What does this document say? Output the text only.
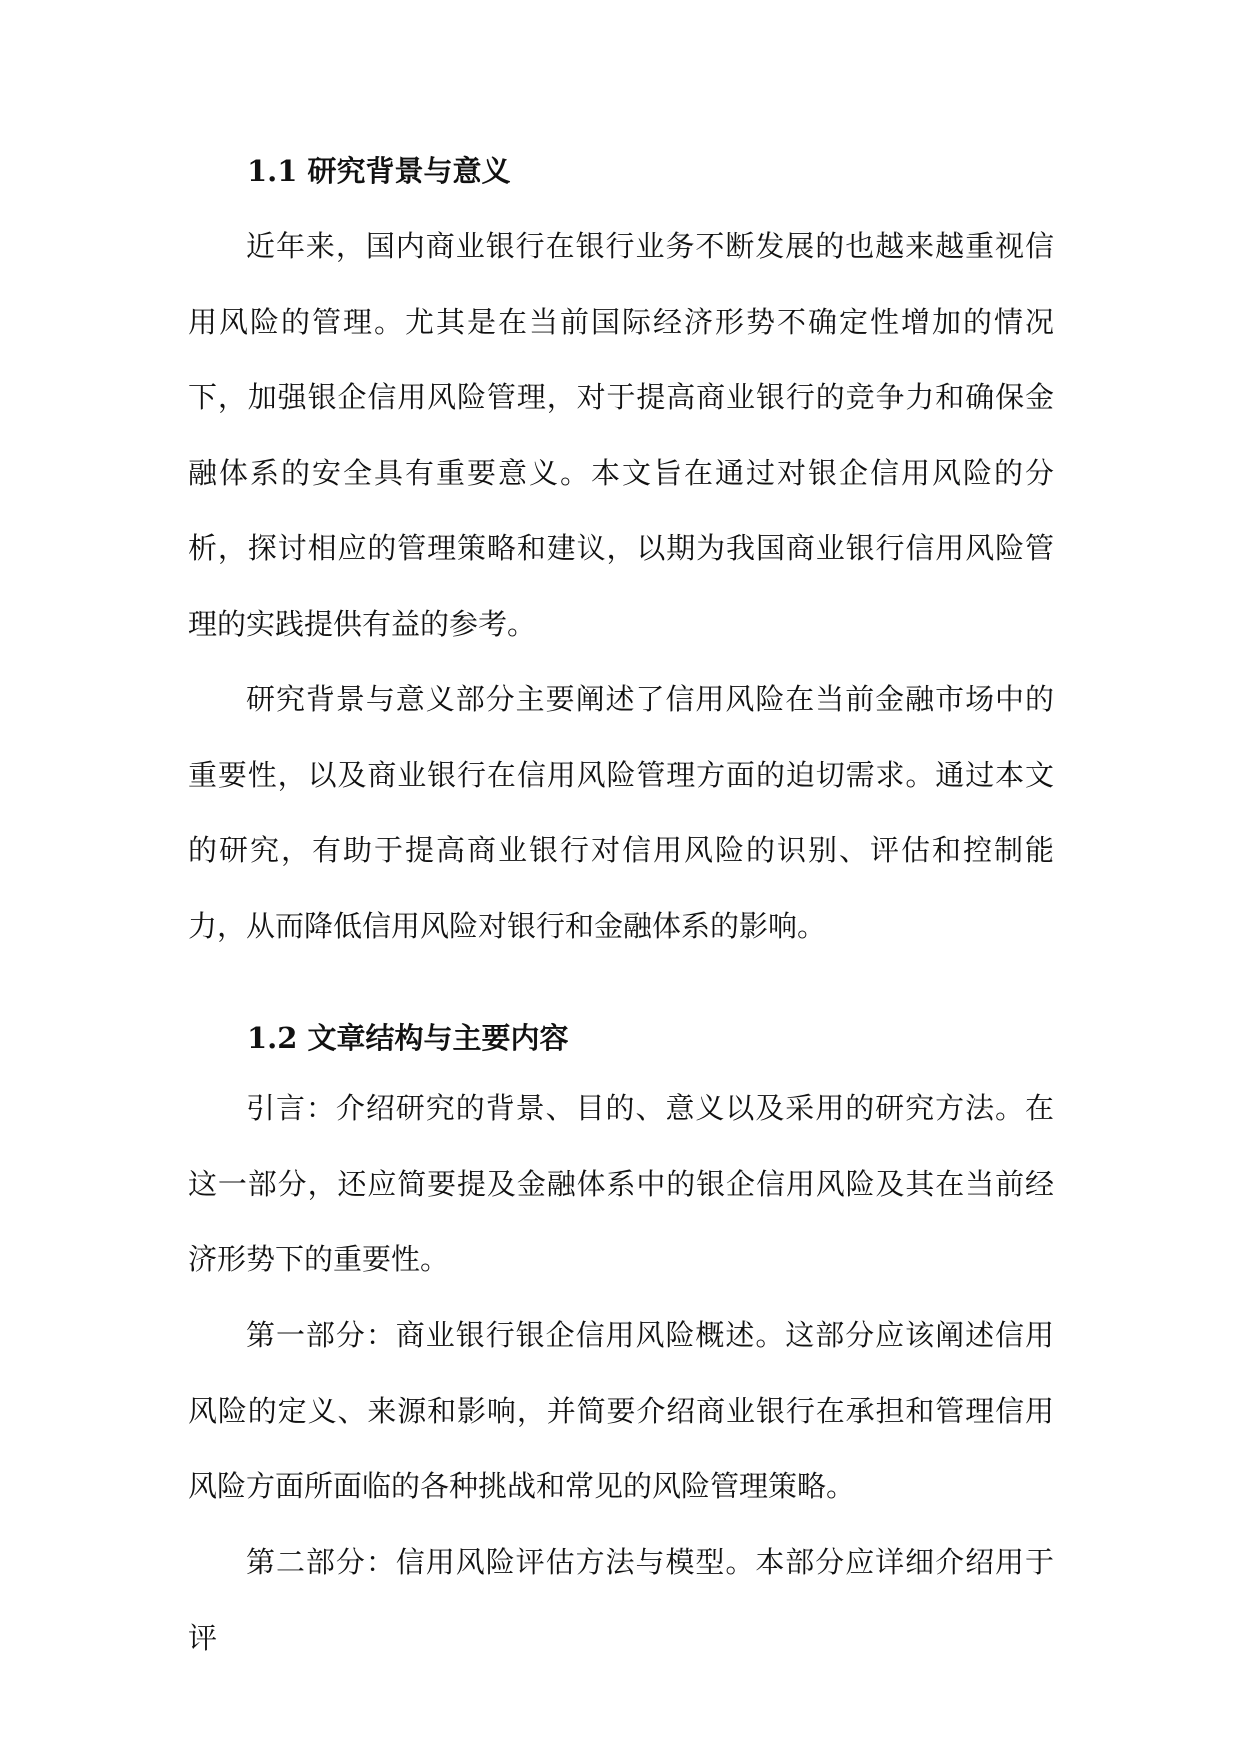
1.1 研究背景与意义

近年来，国内商业银行在银行业务不断发展的也越来越重视信用风险的管理。尤其是在当前国际经济形势不确定性增加的情况下，加强银企信用风险管理，对于提高商业银行的竞争力和确保金融体系的安全具有重要意义。本文旨在通过对银企信用风险的分析，探讨相应的管理策略和建议，以期为我国商业银行信用风险管理的实践提供有益的参考。

研究背景与意义部分主要阐述了信用风险在当前金融市场中的重要性，以及商业银行在信用风险管理方面的迫切需求。通过本文的研究，有助于提高商业银行对信用风险的识别、评估和控制能力，从而降低信用风险对银行和金融体系的影响。

1.2 文章结构与主要内容

引言：介绍研究的背景、目的、意义以及采用的研究方法。在这一部分，还应简要提及金融体系中的银企信用风险及其在当前经济形势下的重要性。

第一部分：商业银行银企信用风险概述。这部分应该阐述信用风险的定义、来源和影响，并简要介绍商业银行在承担和管理信用风险方面所面临的各种挑战和常见的风险管理策略。

第二部分：信用风险评估方法与模型。本部分应详细介绍用于评
